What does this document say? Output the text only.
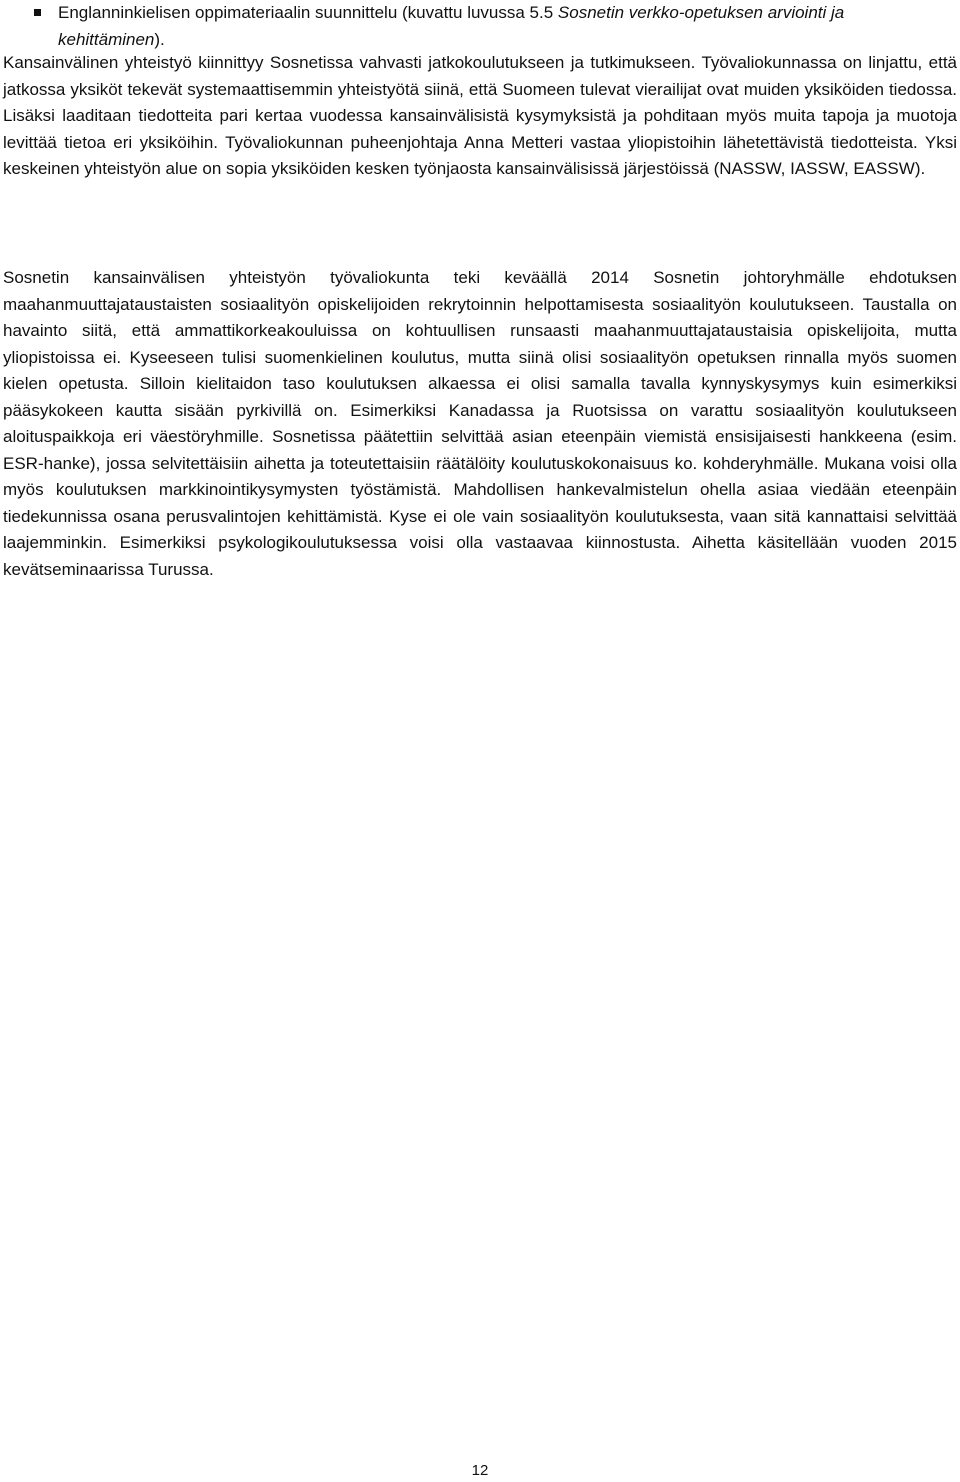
Englanninkielisen oppimateriaalin suunnittelu (kuvattu luvussa 5.5 Sosnetin verkko-opetuksen arviointi ja kehittäminen).

Kansainvälinen yhteistyö kiinnittyy Sosnetissa vahvasti jatkokoulutukseen ja tutkimukseen. Työvaliokunnassa on linjattu, että jatkossa yksiköt tekevät systemaattisemmin yhteistyötä siinä, että Suomeen tulevat vierailijat ovat muiden yksiköiden tiedossa. Lisäksi laaditaan tiedotteita pari kertaa vuodessa kansainvälisistä kysymyksistä ja pohditaan myös muita tapoja ja muotoja levittää tietoa eri yksiköihin. Työvaliokunnan puheenjohtaja Anna Metteri vastaa yliopistoihin lähetettävistä tiedotteista. Yksi keskeinen yhteistyön alue on sopia yksiköiden kesken työnjaosta kansainvälisissä järjestöissä (NASSW, IASSW, EASSW).

Sosnetin kansainvälisen yhteistyön työvaliokunta teki keväällä 2014 Sosnetin johtoryhmälle ehdotuksen maahanmuuttajataustaisten sosiaalityön opiskelijoiden rekrytoinnin helpottamisesta sosiaalityön koulutukseen. Taustalla on havainto siitä, että ammattikorkeakouluissa on kohtuullisen runsaasti maahanmuuttajataustaisia opiskelijoita, mutta yliopistoissa ei. Kyseeseen tulisi suomenkielinen koulutus, mutta siinä olisi sosiaalityön opetuksen rinnalla myös suomen kielen opetusta. Silloin kielitaidon taso koulutuksen alkaessa ei olisi samalla tavalla kynnyskysymys kuin esimerkiksi pääsykokeen kautta sisään pyrkivillä on. Esimerkiksi Kanadassa ja Ruotsissa on varattu sosiaalityön koulutukseen aloituspaikkoja eri väestöryhmille. Sosnetissa päätettiin selvittää asian eteenpäin viemistä ensisijaisesti hankkeena (esim. ESR-hanke), jossa selvitettäisiin aihetta ja toteutettaisiin räätälöity koulutuskokonaisuus ko. kohderyhmälle. Mukana voisi olla myös koulutuksen markkinointikysymysten työstämistä. Mahdollisen hankevalmistelun ohella asiaa viedään eteenpäin tiedekunnissa osana perusvalintojen kehittämistä. Kyse ei ole vain sosiaalityön koulutuksesta, vaan sitä kannattaisi selvittää laajemminkin. Esimerkiksi psykologikoulutuksessa voisi olla vastaavaa kiinnostusta. Aihetta käsitellään vuoden 2015 kevätseminaarissa Turussa.

12
